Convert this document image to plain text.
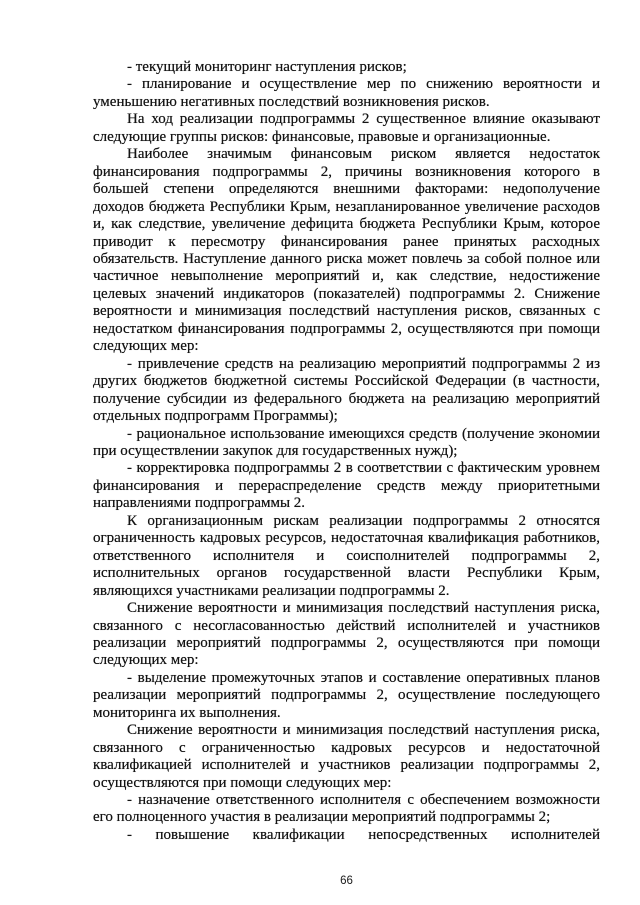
- текущий мониторинг наступления рисков;
- планирование и осуществление мер по снижению вероятности и
уменьшению негативных последствий возникновения рисков.
На ход реализации подпрограммы 2 существенное влияние оказывают
следующие группы рисков: финансовые, правовые и организационные.
Наиболее значимым финансовым риском является недостаток
финансирования подпрограммы 2, причины возникновения которого в
большей степени определяются внешними факторами: недополучение
доходов бюджета Республики Крым, незапланированное увеличение расходов
и, как следствие, увеличение дефицита бюджета Республики Крым, которое
приводит к пересмотру финансирования ранее принятых расходных
обязательств. Наступление данного риска может повлечь за собой полное или
частичное невыполнение мероприятий и, как следствие, недостижение
целевых значений индикаторов (показателей) подпрограммы 2. Снижение
вероятности и минимизация последствий наступления рисков, связанных с
недостатком финансирования подпрограммы 2, осуществляются при помощи
следующих мер:
- привлечение средств на реализацию мероприятий подпрограммы 2 из
других бюджетов бюджетной системы Российской Федерации (в частности,
получение субсидии из федерального бюджета на реализацию мероприятий
отдельных подпрограмм Программы);
- рациональное использование имеющихся средств (получение экономии
при осуществлении закупок для государственных нужд);
- корректировка подпрограммы 2 в соответствии с фактическим уровнем
финансирования и перераспределение средств между приоритетными
направлениями подпрограммы 2.
К организационным рискам реализации подпрограммы 2 относятся
ограниченность кадровых ресурсов, недостаточная квалификация работников,
ответственного исполнителя и соисполнителей подпрограммы 2,
исполнительных органов государственной власти Республики Крым,
являющихся участниками реализации подпрограммы 2.
Снижение вероятности и минимизация последствий наступления риска,
связанного с несогласованностью действий исполнителей и участников
реализации мероприятий подпрограммы 2, осуществляются при помощи
следующих мер:
- выделение промежуточных этапов и составление оперативных планов
реализации мероприятий подпрограммы 2, осуществление последующего
мониторинга их выполнения.
Снижение вероятности и минимизация последствий наступления риска,
связанного с ограниченностью кадровых ресурсов и недостаточной
квалификацией исполнителей и участников реализации подпрограммы 2,
осуществляются при помощи следующих мер:
- назначение ответственного исполнителя с обеспечением возможности
его полноценного участия в реализации мероприятий подпрограммы 2;
- повышение квалификации непосредственных исполнителей
66
